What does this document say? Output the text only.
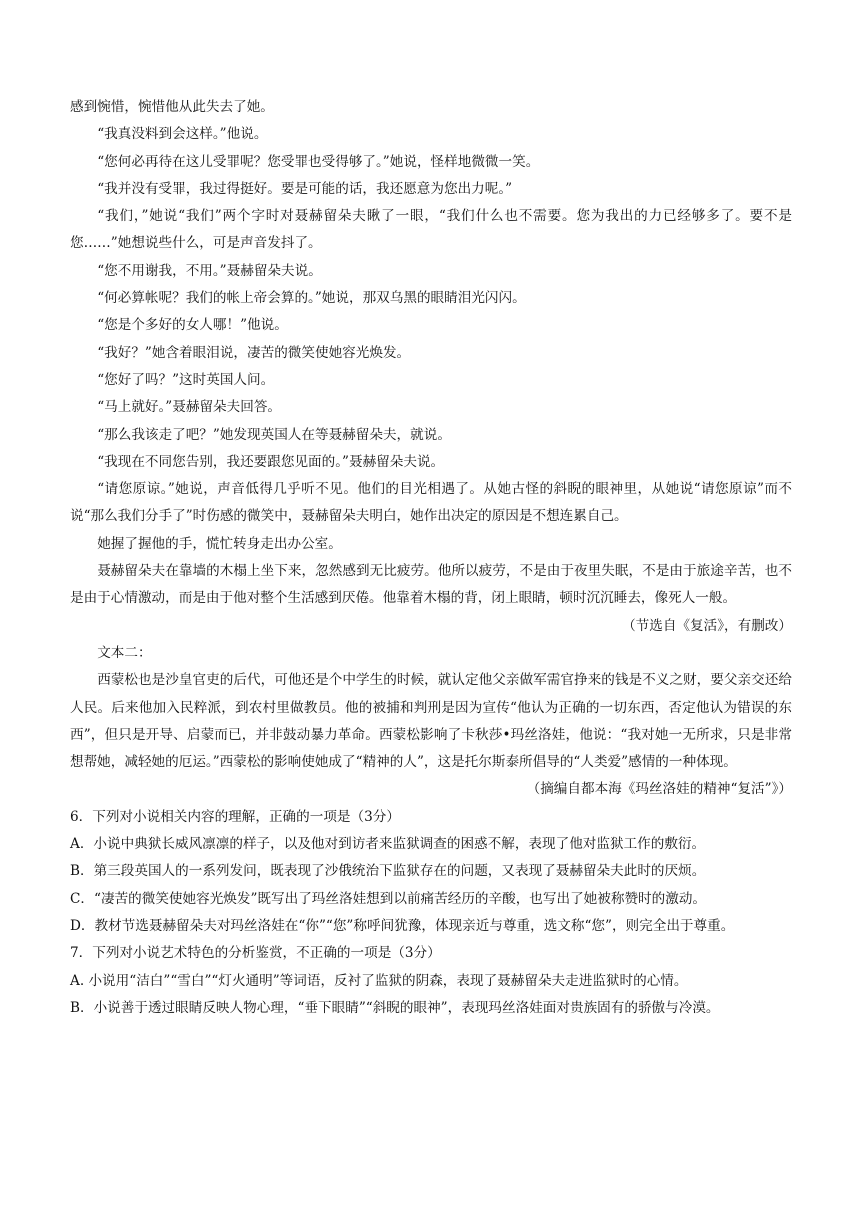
感到惋惜，惋惜他从此失去了她。

“我真没料到会这样。”他说。

“您何必再待在这儿受罪呢？您受罪也受得够了。”她说，怪样地微微一笑。

“我并没有受罪，我过得挺好。要是可能的话，我还愿意为您出力呢。”

“我们，”她说“我们”两个字时对聂赫留朵夫瞅了一眼，“我们什么也不需要。您为我出的力已经够多了。要不是您……”她想说些什么，可是声音发抖了。

“您不用谢我，不用。”聂赫留朵夫说。

“何必算帐呢？我们的帐上帝会算的。”她说，那双乌黑的眼睛泪光闪闪。

“您是个多好的女人哪！”他说。

“我好？”她含着眼泪说，凄苦的微笑使她容光焕发。

“您好了吗？”这时英国人问。

“马上就好。”聂赫留朵夫回答。

“那么我该走了吧？”她发现英国人在等聂赫留朵夫，就说。

“我现在不同您告别，我还要跟您见面的。”聂赫留朵夫说。

“请您原谅。”她说，声音低得几乎听不见。他们的目光相遇了。从她古怪的斜睨的眼神里，从她说“请您原谅”而不说“那么我们分手了”时伤感的微笑中，聂赫留朵夫明白，她作出决定的原因是不想连累自己。

她握了握他的手，慌忙转身走出办公室。

聂赫留朵夫在靠墙的木榻上坐下来，忽然感到无比疲劳。他所以疲劳，不是由于夜里失眠，不是由于旅途辛苦，也不是由于心情激动，而是由于他对整个生活感到厌倦。他靠着木榻的背，闭上眼睛，顿时沉沉睡去，像死人一般。

（节选自《复活》，有删改）

文本二：

西蒙松也是沙皇官吏的后代，可他还是个中学生的时候，就认定他父亲做军需官挣来的钱是不义之财，要父亲交还给人民。后来他加入民粹派，到农村里做教员。他的被捕和判刑是因为宣传“他认为正确的一切东西，否定他认为错误的东西”，但只是开导、启蒙而已，并非鼓动暴力革命。西蒙松影响了卡秋莎•玛丝洛娃，他说：“我对她一无所求，只是非常想帮她，减轻她的厄运。”西蒙松的影响使她成了“精神的人”，这是托尔斯泰所倡导的“人类爱”感情的一种体现。

（摘编自都本海《玛丝洛娃的精神“复活”》）

6．下列对小说相关内容的理解，正确的一项是（3分）

A．小说中典狱长威风凛凛的样子，以及他对到访者来监狱调查的困惑不解，表现了他对监狱工作的敷衍。

B．第三段英国人的一系列发问，既表现了沙俄统治下监狱存在的问题，又表现了聂赫留朵夫此时的厌烦。

C．“凄苦的微笑使她容光焕发”既写出了玛丝洛娃想到以前痛苦经历的辛酸，也写出了她被称赞时的激动。

D．教材节选聂赫留朵夫对玛丝洛娃在“你”“您”称呼间犹豫，体现亲近与尊重，选文称“您”，则完全出于尊重。

7．下列对小说艺术特色的分析鉴赏，不正确的一项是（3分）

A. 小说用“洁白”“雪白”“灯火通明”等词语，反衬了监狱的阴森，表现了聂赫留朵夫走进监狱时的心情。

B．小说善于透过眼睛反映人物心理，“垂下眼睛”“斜睨的眼神”，表现玛丝洛娃面对贵族固有的骄傲与冷漠。
